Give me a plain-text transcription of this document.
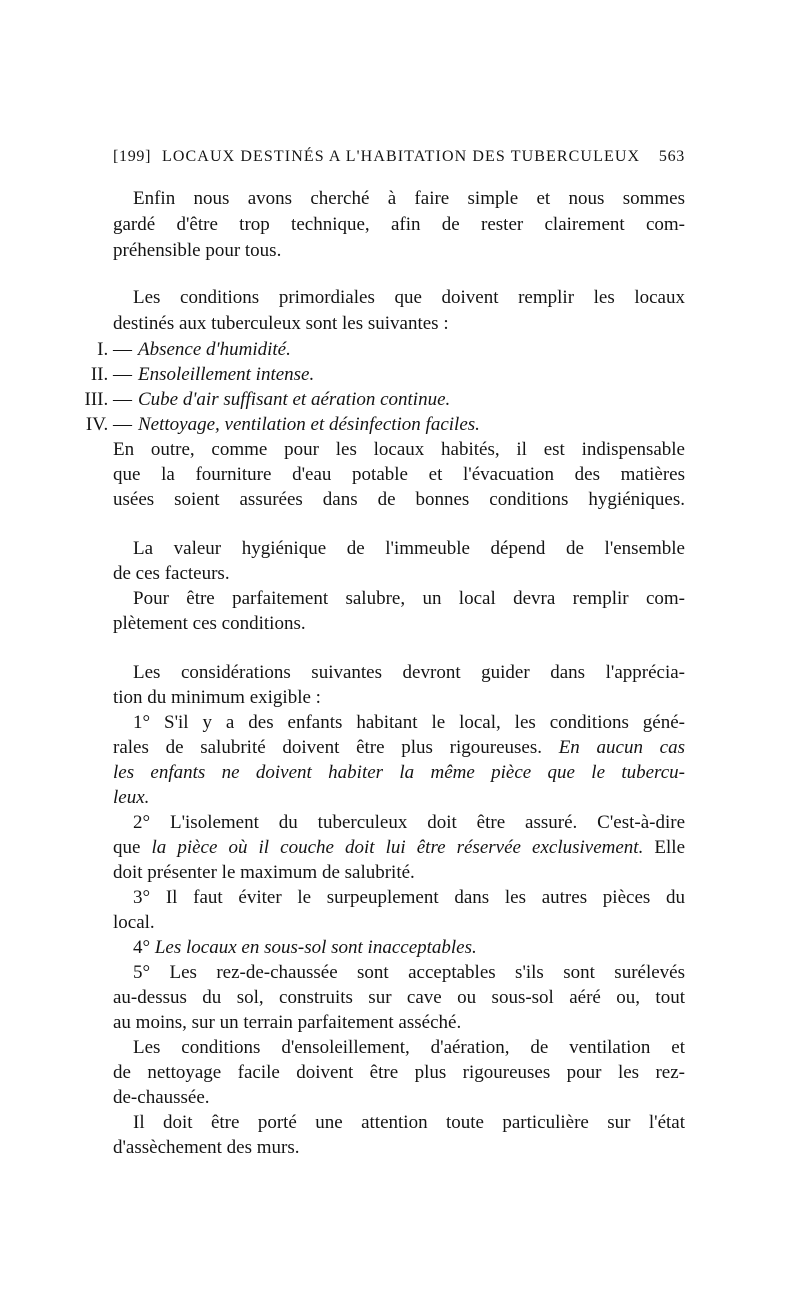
[199] LOCAUX DESTINÉS A L'HABITATION DES TUBERCULEUX 563
Enfin nous avons cherché à faire simple et nous sommes
gardé d'être trop technique, afin de rester clairement com-
préhensible pour tous.
Les conditions primordiales que doivent remplir les locaux
destinés aux tuberculeux sont les suivantes :
I. — Absence d'humidité.
II. — Ensoleillement intense.
III. — Cube d'air suffisant et aération continue.
IV. — Nettoyage, ventilation et désinfection faciles.
En outre, comme pour les locaux habités, il est indispensable
que la fourniture d'eau potable et l'évacuation des matières
usées soient assurées dans de bonnes conditions hygiéniques.
La valeur hygiénique de l'immeuble dépend de l'ensemble
de ces facteurs.
Pour être parfaitement salubre, un local devra remplir com-
plètement ces conditions.
Les considérations suivantes devront guider dans l'apprécia-
tion du minimum exigible :
1° S'il y a des enfants habitant le local, les conditions géné-
rales de salubrité doivent être plus rigoureuses. En aucun cas
les enfants ne doivent habiter la même pièce que le tubercu-
leux.
2° L'isolement du tuberculeux doit être assuré. C'est-à-dire
que la pièce où il couche doit lui être réservée exclusivement. Elle
doit présenter le maximum de salubrité.
3° Il faut éviter le surpeuplement dans les autres pièces du
local.
4° Les locaux en sous-sol sont inacceptables.
5° Les rez-de-chaussée sont acceptables s'ils sont surélevés
au-dessus du sol, construits sur cave ou sous-sol aéré ou, tout
au moins, sur un terrain parfaitement asséché.
Les conditions d'ensoleillement, d'aération, de ventilation et
de nettoyage facile doivent être plus rigoureuses pour les rez-
de-chaussée.
Il doit être porté une attention toute particulière sur l'état
d'assèchement des murs.
